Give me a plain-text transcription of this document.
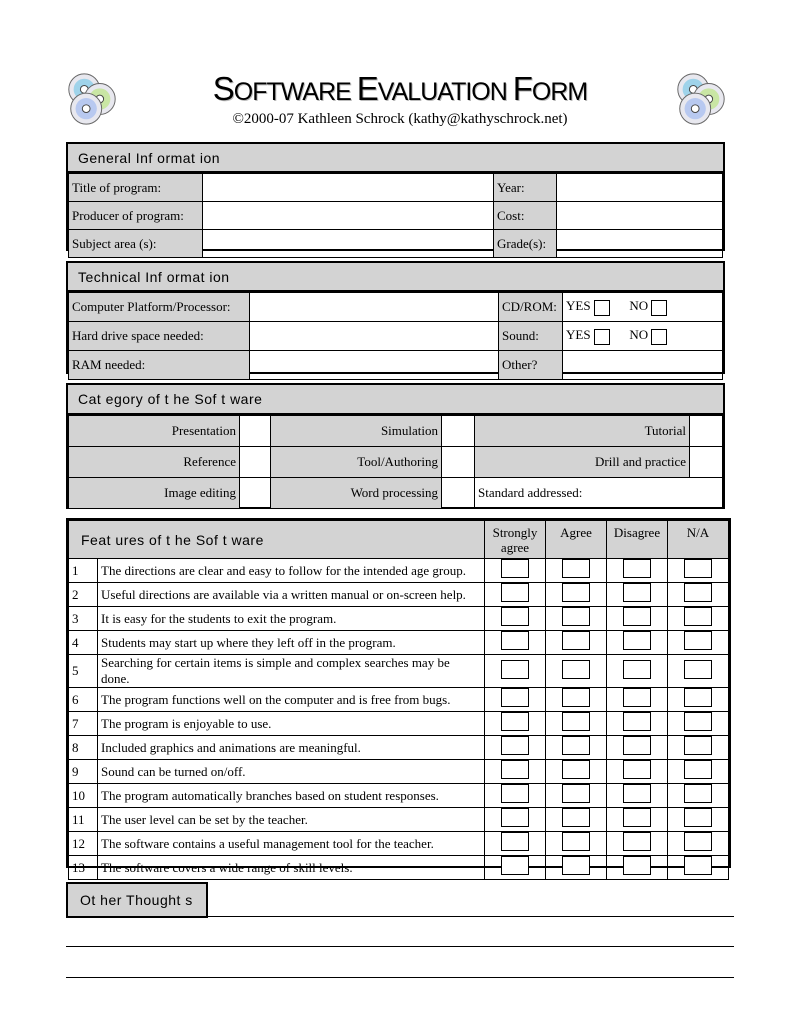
SOFTWARE EVALUATION FORM
©2000-07 Kathleen Schrock (kathy@kathyschrock.net)
General Inf ormat ion
Title of program:		Year:	
Producer of program:		Cost:	
Subject area (s):		Grade(s):	
Technical Inf ormat ion
Computer Platform/Processor:		CD/ROM:	YES NO
Hard drive space needed:		Sound:	YES NO
RAM needed:		Other?	
Cat egory of t he Sof t ware
Presentation		Simulation		Tutorial	
Reference		Tool/Authoring		Drill and practice	
Image editing		Word processing		Standard addressed:	
Feat ures of t he Sof t ware		Strongly agree	Agree	Disagree	N/A
1	The directions are clear and easy to follow for the intended age group.				
2	Useful directions are available via a written manual or on-screen help.				
3	It is easy for the students to exit the program.				
4	Students may start up where they left off in the program.				
5	Searching for certain items is simple and complex searches may be done.				
6	The program functions well on the computer and is free from bugs.				
7	The program is enjoyable to use.				
8	Included graphics and animations are meaningful.				
9	Sound can be turned on/off.				
10	The program automatically branches based on student responses.				
11	The user level can be set by the teacher.				
12	The software contains a useful management tool for the teacher.				
13	The software covers a wide range of skill levels.				
Ot her Thought s
